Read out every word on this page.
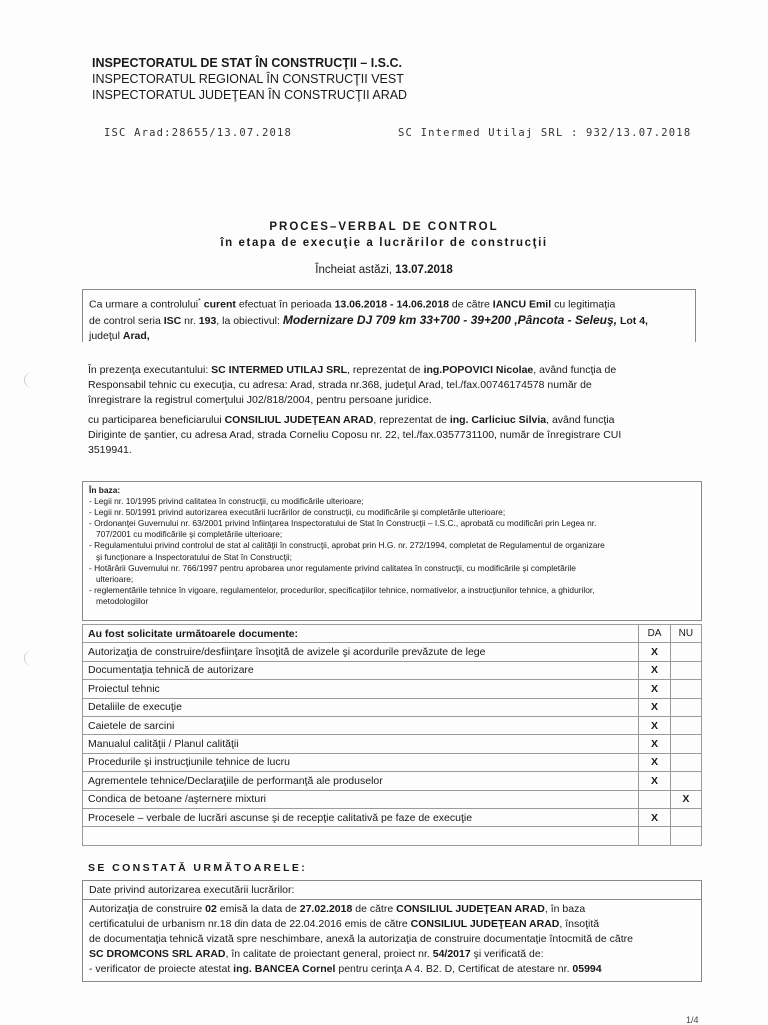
INSPECTORATUL DE STAT ÎN CONSTRUCŢII – I.S.C.
INSPECTORATUL REGIONAL ÎN CONSTRUCŢII VEST
INSPECTORATUL JUDEŢEAN ÎN CONSTRUCŢII ARAD
ISC Arad:28655/13.07.2018	SC Intermed Utilaj SRL : 932/13.07.2018
PROCES–VERBAL DE CONTROL
în etapa de execuţie a lucrărilor de construcţii
Încheiat astăzi, 13.07.2018
Ca urmare a controlului* curent efectuat în perioada 13.06.2018 - 14.06.2018 de către IANCU Emil cu legitimaţia
de control seria ISC nr. 193, la obiectivul: Modernizare DJ 709 km 33+700 - 39+200 ,Pâncota - Seleuş, Lot 4,
judeţul Arad,
În prezenţa executantului: SC INTERMED UTILAJ SRL, reprezentat de ing.POPOVICI Nicolae, având funcţia de
Responsabil tehnic cu execuţia, cu adresa: Arad, strada nr.368, judeţul Arad, tel./fax.00746174578 număr de
înregistrare la registrul comerţului J02/818/2004, pentru persoane juridice.
cu participarea beneficiarului CONSILIUL JUDEŢEAN ARAD, reprezentat de ing. Carliciuc Silvia, având funcţia
Diriginte de şantier, cu adresa Arad, strada Corneliu Coposu nr. 22, tel./fax.0357731100, număr de înregistrare CUI
3519941.
În baza:
- Legii nr. 10/1995 privind calitatea în construcţii, cu modificările ulterioare;
- Legii nr. 50/1991 privind autorizarea executării lucrărilor de construcţii, cu modificările şi completările ulterioare;
- Ordonanţei Guvernului nr. 63/2001 privind înfiinţarea Inspectoratului de Stat în Construcţii – I.S.C., aprobată cu modificări prin Legea nr.
707/2001 cu modificările şi completările ulterioare;
- Regulamentului privind controlul de stat al calităţii în construcţii, aprobat prin H.G. nr. 272/1994, completat de Regulamentul de organizare
şi funcţionare a Inspectoratului de Stat în Construcţii;
- Hotărârii Guvernului nr. 766/1997 pentru aprobarea unor regulamente privind calitatea în construcţii, cu modificările şi completările
ulterioare;
- reglementările tehnice în vigoare, regulamentelor, procedurilor, specificaţiilor tehnice, normativelor, a instrucţiunilor tehnice, a ghidurilor,
metodologiilor
Au fost solicitate următoarele documente:	DA	NU
Autorizaţia de construire/desfiinţare însoţită de avizele şi acordurile prevăzute de lege	X	
Documentaţia tehnică de autorizare	X	
Proiectul tehnic	X	
Detaliile de execuţie	X	
Caietele de sarcini	X	
Manualul calităţii / Planul calităţii	X	
Procedurile şi instrucţiunile tehnice de lucru	X	
Agrementele tehnice/Declaraţiile de performanţă ale produselor	X	
Condica de betoane /aşternere mixturi		X
Procesele – verbale de lucrări ascunse şi de recepţie calitativă pe faze de execuţie	X	

SE CONSTATĂ URMĂTOARELE:
Date privind autorizarea executării lucrărilor:
Autorizaţia de construire 02 emisă la data de 27.02.2018 de către CONSILIUL JUDEŢEAN ARAD, în baza
certificatului de urbanism nr.18 din data de 22.04.2016 emis de către CONSILIUL JUDEŢEAN ARAD, însoţită
de documentaţia tehnică vizată spre neschimbare, anexă la autorizaţia de construire documentaţie întocmită de către
SC DROMCONS SRL ARAD, în calitate de proiectant general, proiect nr. 54/2017 şi verificată de:
- verificator de proiecte atestat ing. BANCEA Cornel pentru cerinţa A 4. B2. D, Certificat de atestare nr. 05994
1/4
